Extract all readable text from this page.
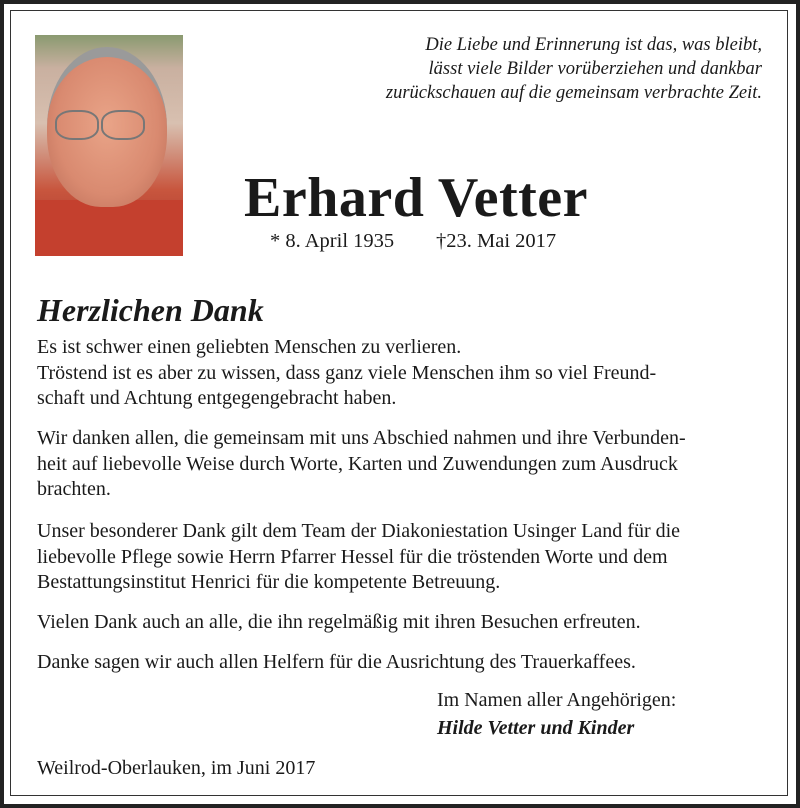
Die Liebe und Erinnerung ist das, was bleibt,
lässt viele Bilder vorüberziehen und dankbar
zurückschauen auf die gemeinsam verbrachte Zeit.
Erhard Vetter
* 8. April 1935 †23. Mai 2017
Herzlichen Dank
Es ist schwer einen geliebten Menschen zu verlieren.
Tröstend ist es aber zu wissen, dass ganz viele Menschen ihm so viel Freund-
schaft und Achtung entgegengebracht haben.
Wir danken allen, die gemeinsam mit uns Abschied nahmen und ihre Verbunden-
heit auf liebevolle Weise durch Worte, Karten und Zuwendungen zum Ausdruck
brachten.
Unser besonderer Dank gilt dem Team der Diakoniestation Usinger Land für die
liebevolle Pflege sowie Herrn Pfarrer Hessel für die tröstenden Worte und dem
Bestattungsinstitut Henrici für die kompetente Betreuung.
Vielen Dank auch an alle, die ihn regelmäßig mit ihren Besuchen erfreuten.
Danke sagen wir auch allen Helfern für die Ausrichtung des Trauerkaffees.
Im Namen aller Angehörigen:
Hilde Vetter und Kinder
Weilrod-Oberlauken, im Juni 2017
